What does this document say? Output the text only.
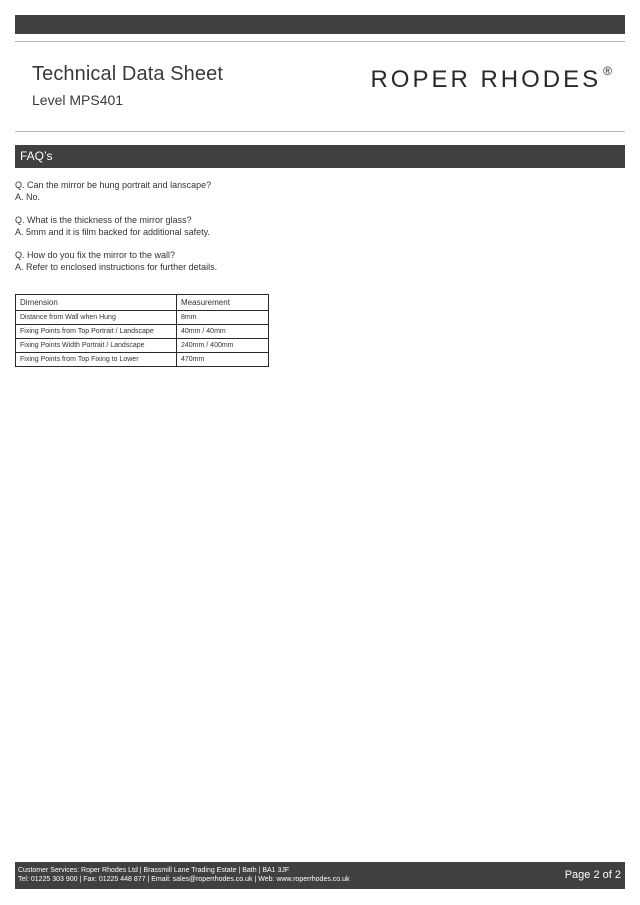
Technical Data Sheet
Level MPS401
ROPER RHODES ®
FAQ’s
Q. Can the mirror be hung portrait and lanscape?
A. No.
Q. What is the thickness of the mirror glass?
A. 5mm and it is film backed for additional safety.
Q. How do you fix the mirror to the wall?
A. Refer to enclosed instructions for further details.
Dimension	Measurement
Distance from Wall when Hung	8mm
Fixing Points from Top Portrait / Landscape	40mm / 40mm
Fixing Points Width Portrait / Landscape	240mm / 400mm
Fixing Points from Top Fixing to Lower	470mm
Customer Services: Roper Rhodes Ltd | Brassmill Lane Trading Estate | Bath | BA1 3JF
Tel: 01225 303 900 | Fax: 01225 448 877 | Email: sales@roperrhodes.co.uk | Web: www.roperrhodes.co.uk	Page 2 of 2
